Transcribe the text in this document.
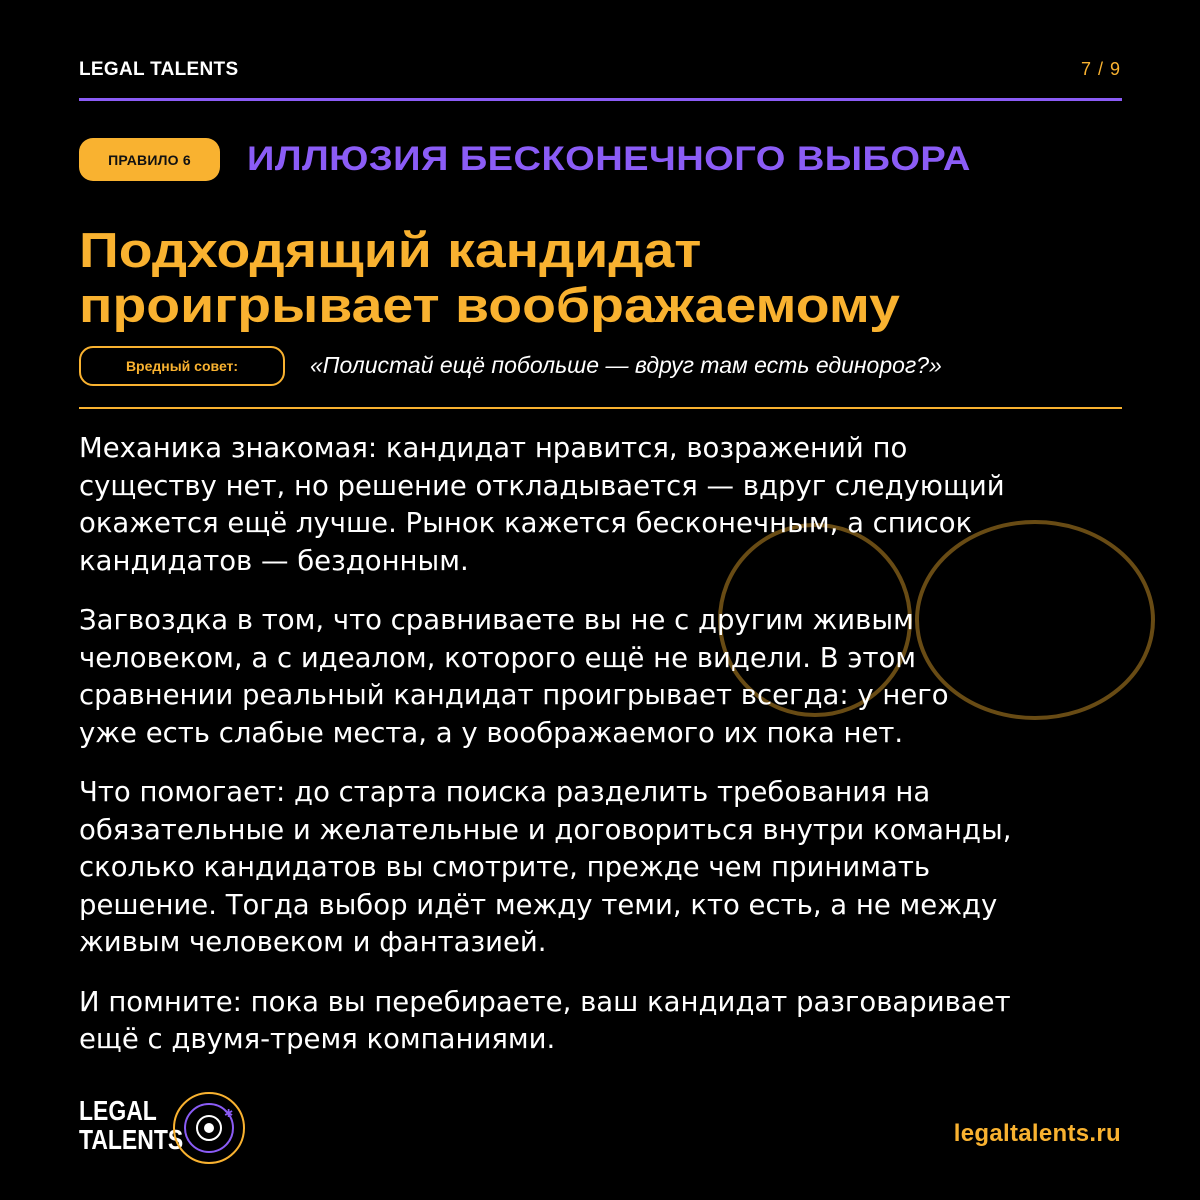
LEGAL TALENTS	7 / 9
ПРАВИЛО 6	ИЛЛЮЗИЯ БЕСКОНЕЧНОГО ВЫБОРА
Подходящий кандидат
проигрывает воображаемому
Вредный совет:	«Полистай ещё побольше — вдруг там есть единорог?»

Механика знакомая: кандидат нравится, возражений по
существу нет, но решение откладывается — вдруг следующий
окажется ещё лучше. Рынок кажется бесконечным, а список
кандидатов — бездонным.

Загвоздка в том, что сравниваете вы не с другим живым
человеком, а с идеалом, которого ещё не видели. В этом
сравнении реальный кандидат проигрывает всегда: у него
уже есть слабые места, а у воображаемого их пока нет.

Что помогает: до старта поиска разделить требования на
обязательные и желательные и договориться внутри команды,
сколько кандидатов вы смотрите, прежде чем принимать
решение. Тогда выбор идёт между теми, кто есть, а не между
живым человеком и фантазией.

И помните: пока вы перебираете, ваш кандидат разговаривает
ещё с двумя-тремя компаниями.

LEGAL
TALENTS
✱
legaltalents.ru
